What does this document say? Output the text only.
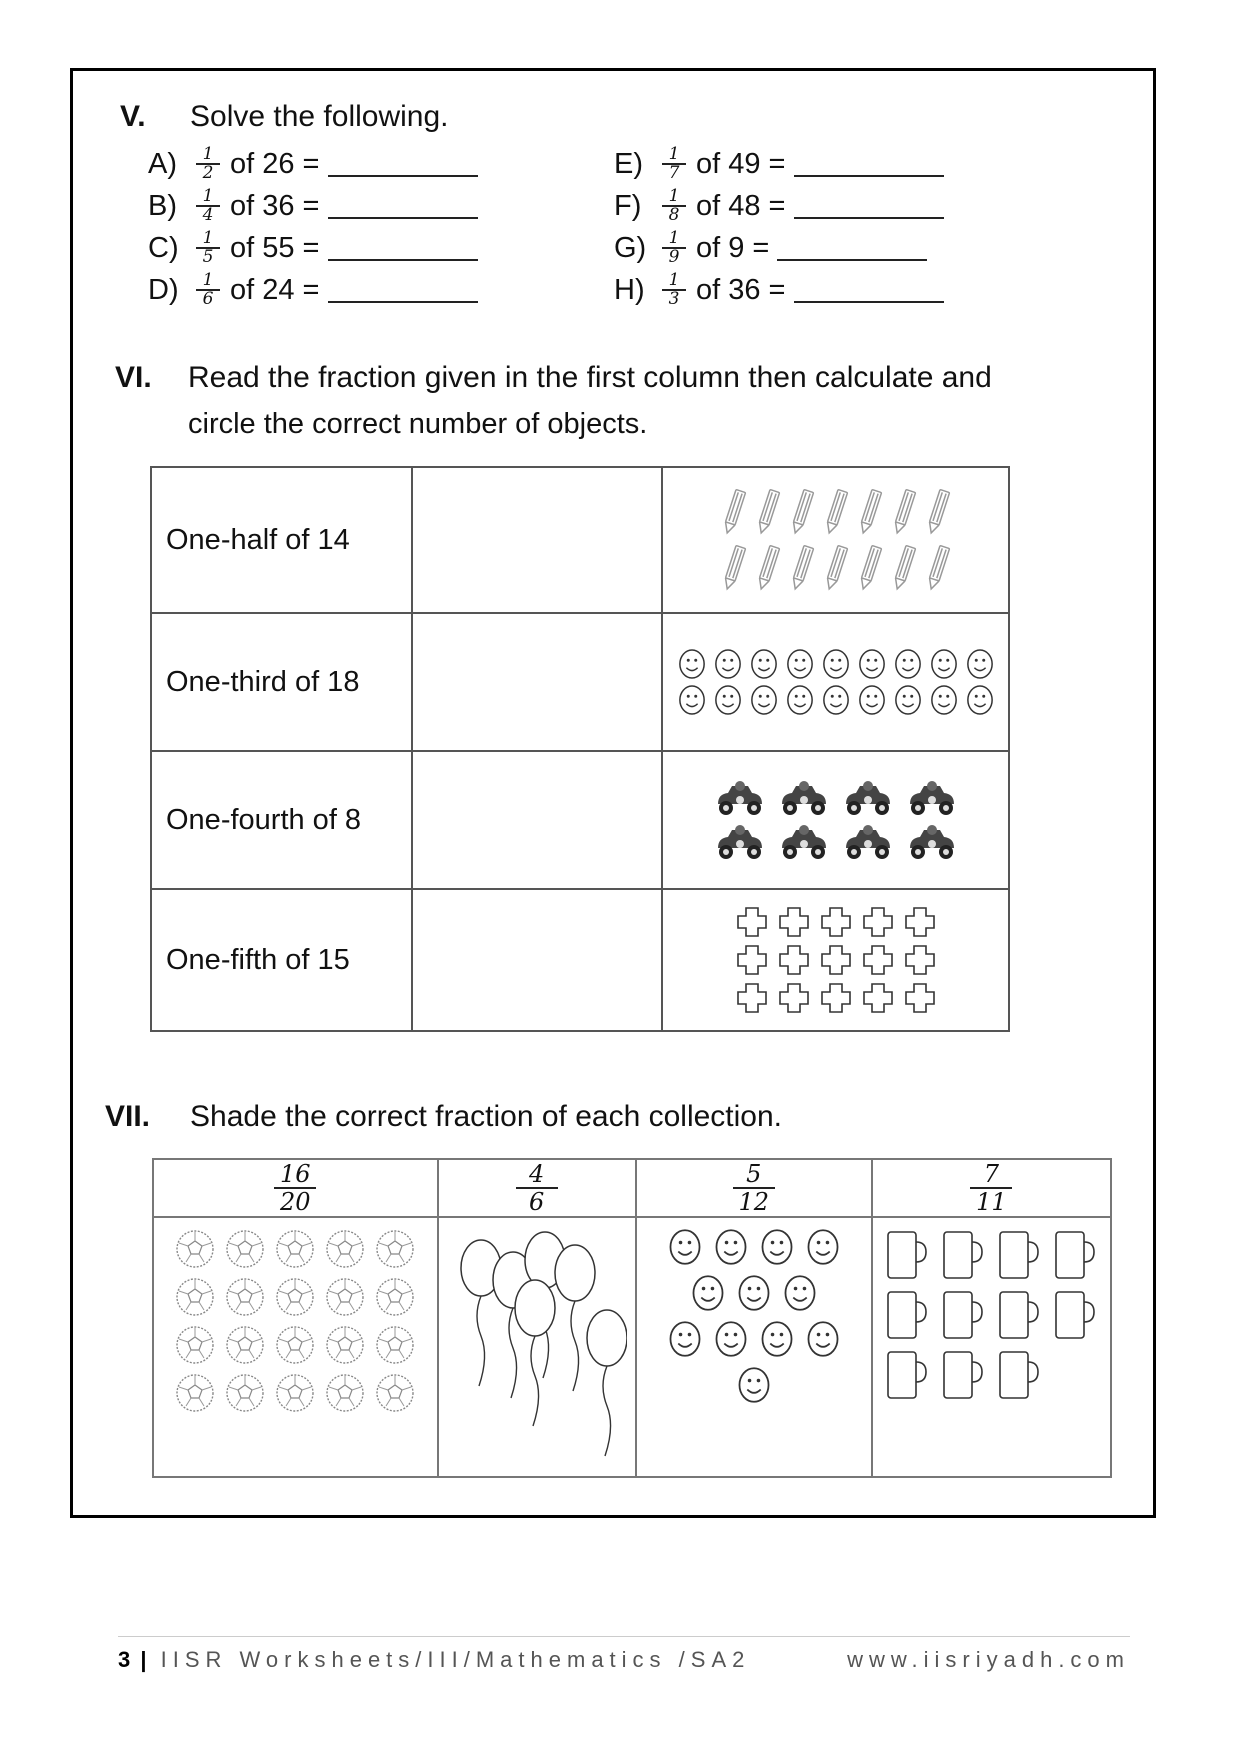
V. Solve the following.
A)	$\frac{1}{2}$ of 26 =
B)	$\frac{1}{4}$ of 36 =
C)	$\frac{1}{5}$ of 55 =
D)	$\frac{1}{6}$ of 24 =
E)	$\frac{1}{7}$ of 49 =
F)	$\frac{1}{8}$ of 48 =
$G) \frac{1}{9}$ of 9 =
H)	$\frac{1}{3}$ of 36 =
VI. Read the fraction given in the first column then calculate and
circle the correct number of objects.
One-half of 14		

One-third of 18		

One-fourth of 8		

One-fifth of 15		
VII. Shade the correct fraction of each collection.
$\frac{16}{20}$	$\frac{4}{6}$	$\frac{5}{12}$	$\frac{7}{11}$

3 | IISR Worksheets/III/Mathematics /SA2	www.iisriyadh.com
